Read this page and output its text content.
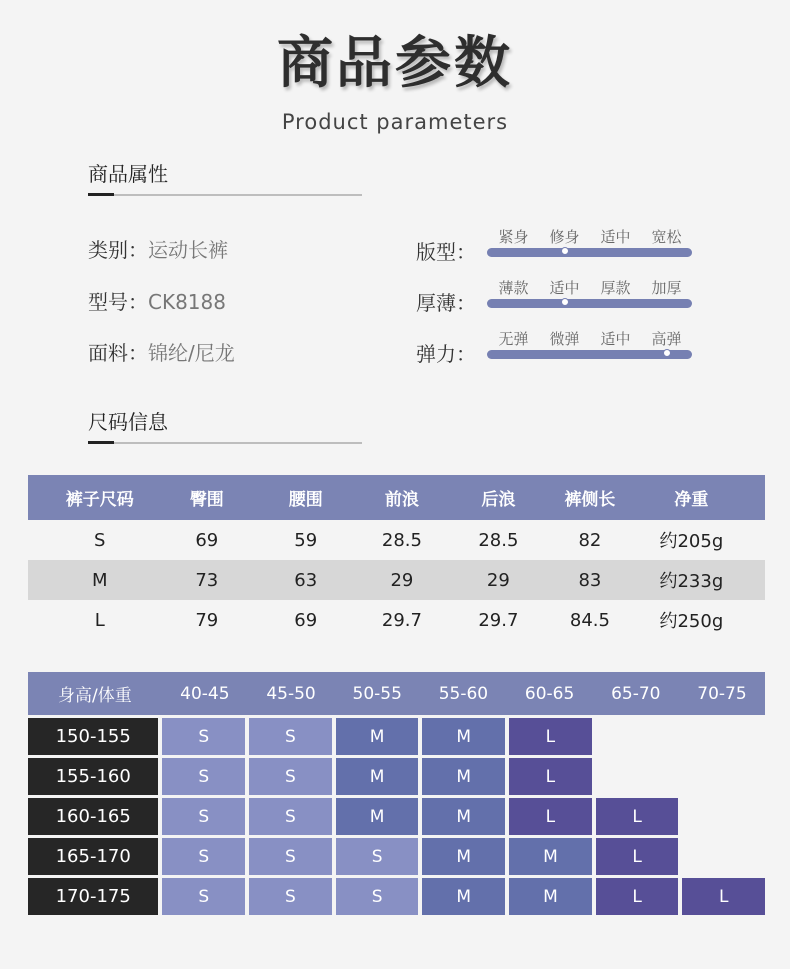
商品参数
Product parameters
商品属性
类别：运动长裤
型号：CK8188
面料：锦纶/尼龙
版型：
紧身	修身	适中	宽松
厚薄：
薄款	适中	厚款	加厚
弹力：
无弹	微弹	适中	高弹
尺码信息
裤子尺码	臀围	腰围	前浪	后浪	裤侧长	净重
S	69	59	28.5	28.5	82	约205g
M	73	63	29	29	83	约233g
L	79	69	29.7	29.7	84.5	约250g
身高/体重	40-45	45-50	50-55	55-60	60-65	65-70	70-75
150-155	S	S	M	M	L
155-160	S	S	M	M	L
160-165	S	S	M	M	L	L
165-170	S	S	S	M	M	L
170-175	S	S	S	M	M	L	L
